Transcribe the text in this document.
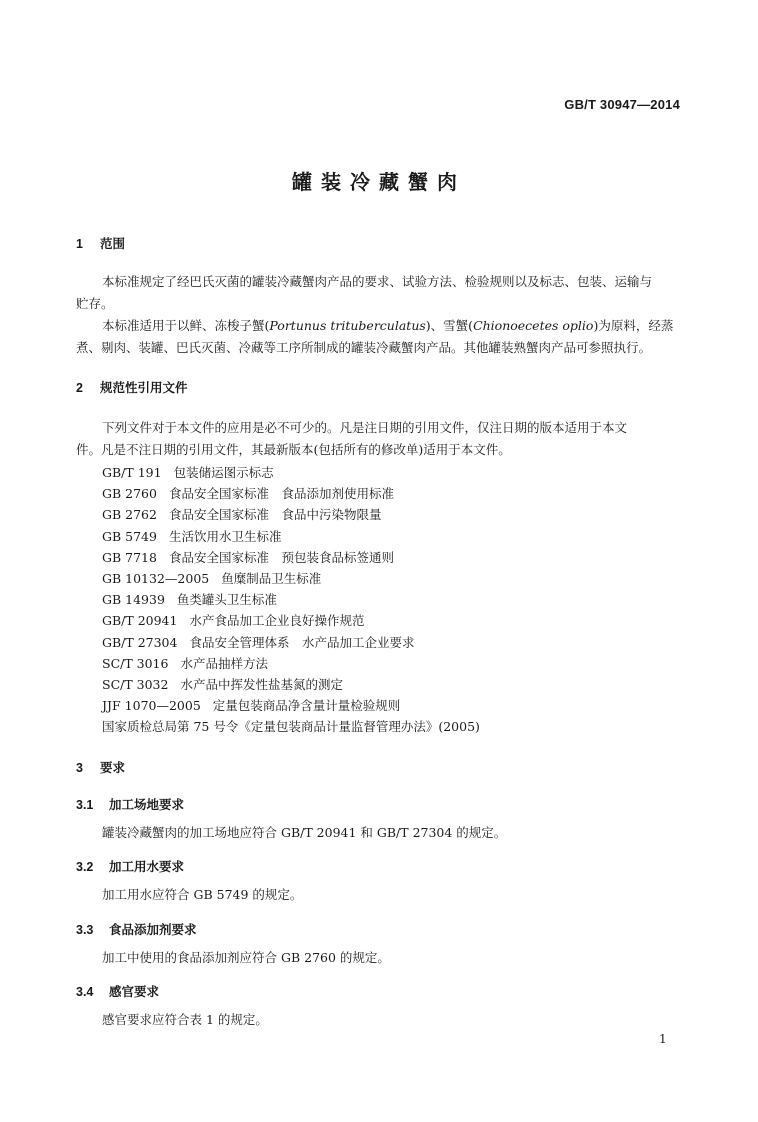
GB/T 30947—2014
罐装冷藏蟹肉
1 范围
本标准规定了经巴氏灭菌的罐装冷藏蟹肉产品的要求、试验方法、检验规则以及标志、包装、运输与
贮存。
本标准适用于以鲜、冻梭子蟹(Portunus trituberculatus)、雪蟹(Chionoecetes oplio)为原料，经蒸
煮、剔肉、装罐、巴氏灭菌、冷藏等工序所制成的罐装冷藏蟹肉产品。其他罐装熟蟹肉产品可参照执行。
2 规范性引用文件
下列文件对于本文件的应用是必不可少的。凡是注日期的引用文件，仅注日期的版本适用于本文
件。凡是不注日期的引用文件，其最新版本(包括所有的修改单)适用于本文件。
GB/T 191 包装储运图示标志
GB 2760 食品安全国家标准　食品添加剂使用标准
GB 2762 食品安全国家标准　食品中污染物限量
GB 5749 生活饮用水卫生标准
GB 7718 食品安全国家标准　预包装食品标签通则
GB 10132—2005 鱼糜制品卫生标准
GB 14939 鱼类罐头卫生标准
GB/T 20941 水产食品加工企业良好操作规范
GB/T 27304 食品安全管理体系　水产品加工企业要求
SC/T 3016 水产品抽样方法
SC/T 3032 水产品中挥发性盐基氮的测定
JJF 1070—2005 定量包装商品净含量计量检验规则
国家质检总局第 75 号令《定量包装商品计量监督管理办法》(2005)
3 要求
3.1 加工场地要求
罐装冷藏蟹肉的加工场地应符合 GB/T 20941 和 GB/T 27304 的规定。
3.2 加工用水要求
加工用水应符合 GB 5749 的规定。
3.3 食品添加剂要求
加工中使用的食品添加剂应符合 GB 2760 的规定。
3.4 感官要求
感官要求应符合表 1 的规定。
1
